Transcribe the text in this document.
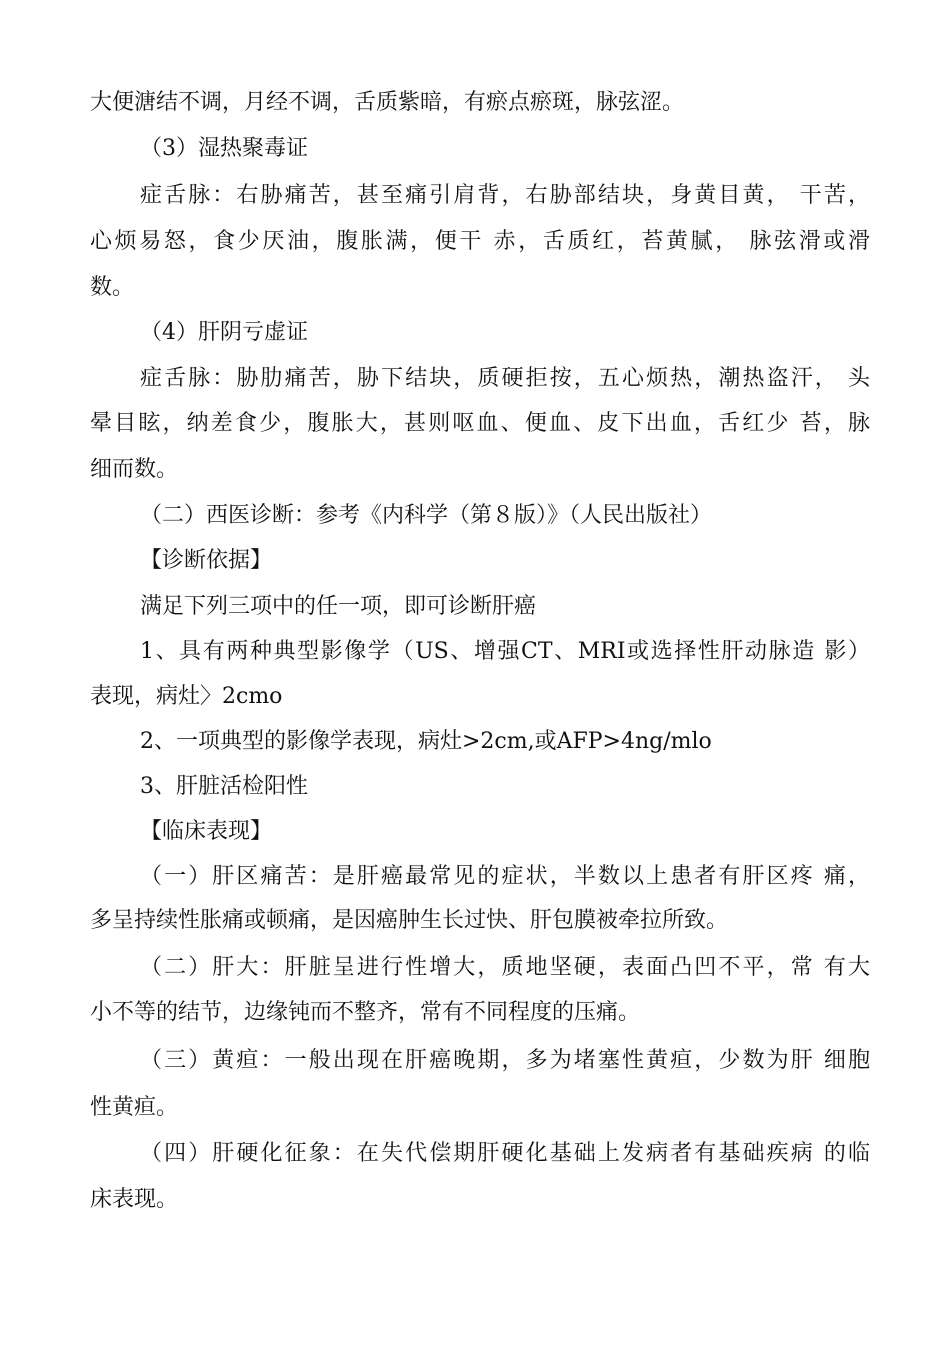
大便溏结不调，月经不调，舌质紫暗，有瘀点瘀斑，脉弦涩。
（3）湿热聚毒证
症舌脉：右胁痛苦，甚至痛引肩背，右胁部结块，身黄目黄， 干苦，
心烦易怒，食少厌油，腹胀满，便干 赤，舌质红，苔黄腻， 脉弦滑或滑
数。
（4）肝阴亏虚证
症舌脉：胁肋痛苦，胁下结块，质硬拒按，五心烦热，潮热盗汗， 头
晕目眩，纳差食少，腹胀大，甚则呕血、便血、皮下出血，舌红少 苔，脉
细而数。
（二）西医诊断：参考《内科学（第８版）》（人民出版社）
【诊断依据】
满足下列三项中的任一项，即可诊断肝癌
1、具有两种典型影像学（US、增强CT、MRI或选择性肝动脉造 影）
表现，病灶〉2cmo
2、一项典型的影像学表现，病灶>2cm,或AFP>4ng/mlo
3、肝脏活检阳性
【临床表现】
（一）肝区痛苦：是肝癌最常见的症状，半数以上患者有肝区疼 痛，
多呈持续性胀痛或顿痛，是因癌肿生长过快、肝包膜被牵拉所致。
（二）肝大：肝脏呈进行性增大，质地坚硬，表面凸凹不平，常 有大
小不等的结节，边缘钝而不整齐，常有不同程度的压痛。
（三）黄疸：一般出现在肝癌晚期，多为堵塞性黄疸，少数为肝 细胞
性黄疸。
（四）肝硬化征象：在失代偿期肝硬化基础上发病者有基础疾病 的临
床表现。
